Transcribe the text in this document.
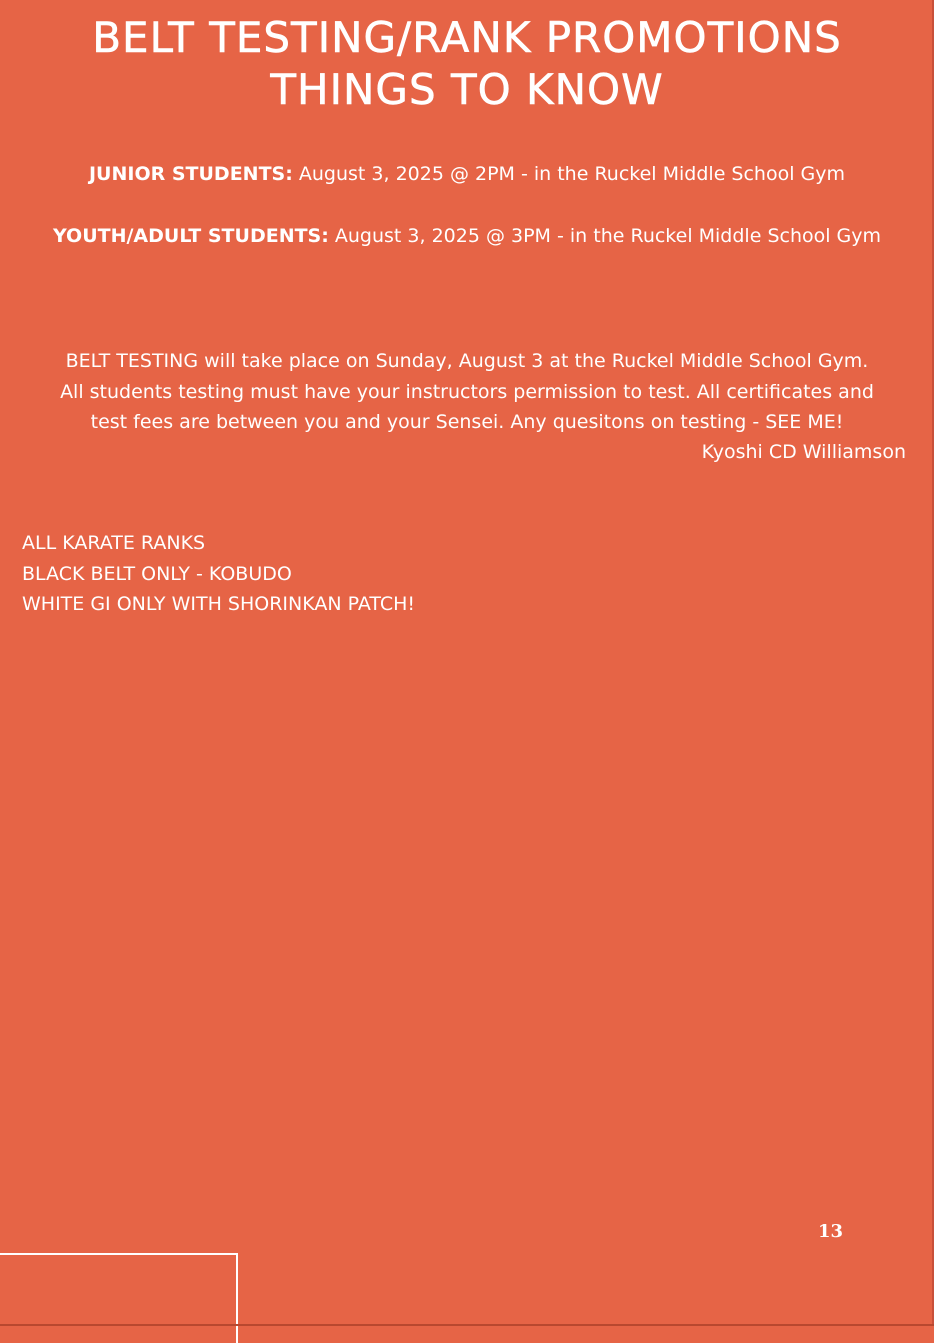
BELT TESTING/RANK PROMOTIONS
THINGS TO KNOW
JUNIOR STUDENTS: August 3, 2025 @ 2PM - in the Ruckel Middle School Gym
YOUTH/ADULT STUDENTS: August 3, 2025 @ 3PM - in the Ruckel Middle School Gym

BELT TESTING will take place on Sunday, August 3 at the Ruckel Middle School Gym.

All students testing must have your instructors permission to test. All certificates and

test fees are between you and your Sensei. Any quesitons on testing - SEE ME!

Kyoshi CD Williamson
ALL KARATE RANKS
BLACK BELT ONLY - KOBUDO
WHITE GI ONLY WITH SHORINKAN PATCH!
13
